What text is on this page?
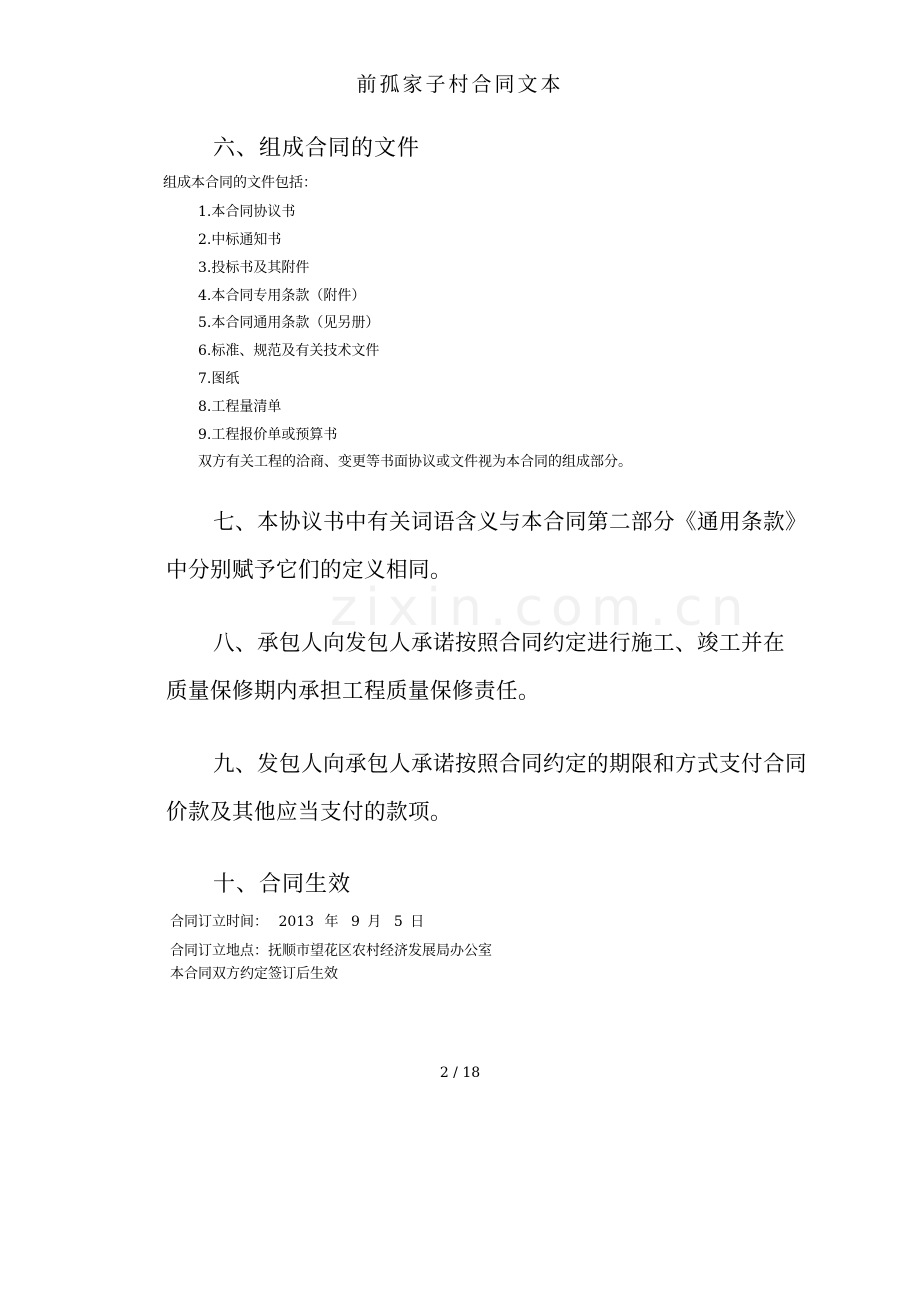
前孤家子村合同文本
zixin.com.cn
六、组成合同的文件
组成本合同的文件包括：
1.本合同协议书
2.中标通知书
3.投标书及其附件
4.本合同专用条款（附件）
5.本合同通用条款（见另册）
6.标准、规范及有关技术文件
7.图纸
8.工程量清单
9.工程报价单或预算书
双方有关工程的洽商、变更等书面协议或文件视为本合同的组成部分。
七、本协议书中有关词语含义与本合同第二部分《通用条款》
中分别赋予它们的定义相同。
八、承包人向发包人承诺按照合同约定进行施工、竣工并在
质量保修期内承担工程质量保修责任。
九、发包人向承包人承诺按照合同约定的期限和方式支付合同
价款及其他应当支付的款项。
十、合同生效
合同订立时间： 2013 年 9 月 5 日
合同订立地点：抚顺市望花区农村经济发展局办公室
本合同双方约定签订后生效
2 / 18
